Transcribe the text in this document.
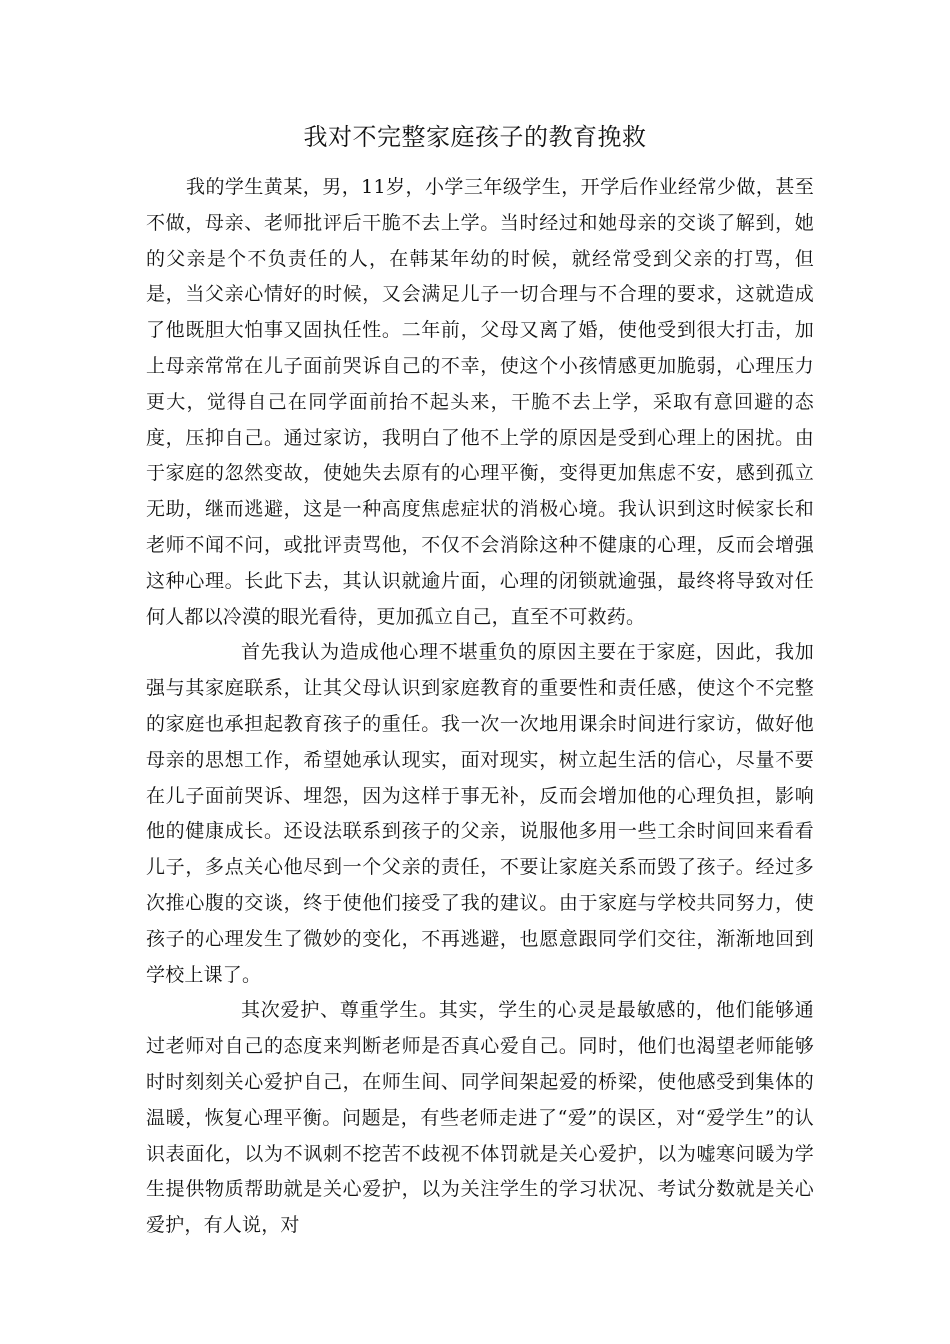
我对不完整家庭孩子的教育挽救

我的学生黄某，男，11岁，小学三年级学生，开学后作业经常少做，甚至不做，母亲、老师批评后干脆不去上学。当时经过和她母亲的交谈了解到，她的父亲是个不负责任的人，在韩某年幼的时候，就经常受到父亲的打骂，但是，当父亲心情好的时候，又会满足儿子一切合理与不合理的要求，这就造成了他既胆大怕事又固执任性。二年前，父母又离了婚，使他受到很大打击，加上母亲常常在儿子面前哭诉自己的不幸，使这个小孩情感更加脆弱，心理压力更大，觉得自己在同学面前抬不起头来，干脆不去上学，采取有意回避的态度，压抑自己。通过家访，我明白了他不上学的原因是受到心理上的困扰。由于家庭的忽然变故，使她失去原有的心理平衡，变得更加焦虑不安，感到孤立无助，继而逃避，这是一种高度焦虑症状的消极心境。我认识到这时候家长和老师不闻不问，或批评责骂他，不仅不会消除这种不健康的心理，反而会增强这种心理。长此下去，其认识就逾片面，心理的闭锁就逾强，最终将导致对任何人都以冷漠的眼光看待，更加孤立自己，直至不可救药。

首先我认为造成他心理不堪重负的原因主要在于家庭，因此，我加强与其家庭联系，让其父母认识到家庭教育的重要性和责任感，使这个不完整的家庭也承担起教育孩子的重任。我一次一次地用课余时间进行家访，做好他母亲的思想工作，希望她承认现实，面对现实，树立起生活的信心，尽量不要在儿子面前哭诉、埋怨，因为这样于事无补，反而会增加他的心理负担，影响他的健康成长。还设法联系到孩子的父亲，说服他多用一些工余时间回来看看儿子，多点关心他尽到一个父亲的责任，不要让家庭关系而毁了孩子。经过多次推心腹的交谈，终于使他们接受了我的建议。由于家庭与学校共同努力，使孩子的心理发生了微妙的变化，不再逃避，也愿意跟同学们交往，渐渐地回到学校上课了。

其次爱护、尊重学生。其实，学生的心灵是最敏感的，他们能够通过老师对自己的态度来判断老师是否真心爱自己。同时，他们也渴望老师能够时时刻刻关心爱护自己，在师生间、同学间架起爱的桥梁，使他感受到集体的温暖，恢复心理平衡。问题是，有些老师走进了“爱”的误区，对“爱学生”的认识表面化，以为不讽刺不挖苦不歧视不体罚就是关心爱护，以为嘘寒问暖为学生提供物质帮助就是关心爱护，以为关注学生的学习状况、考试分数就是关心爱护，有人说，对
